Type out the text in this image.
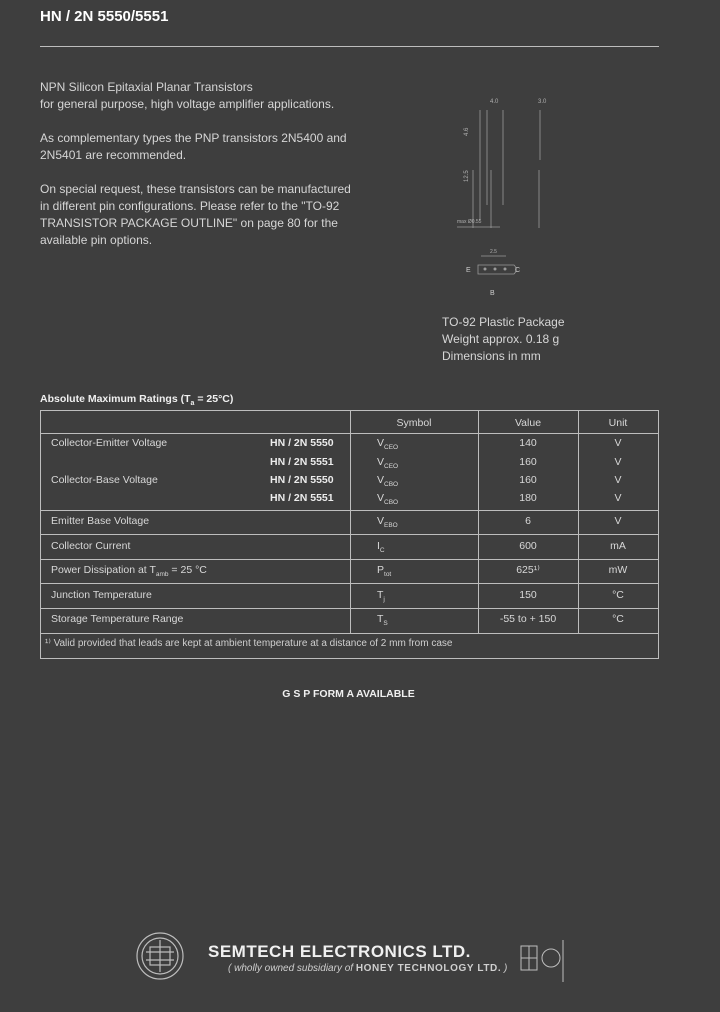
HN / 2N 5550/5551

NPN Silicon Epitaxial Planar Transistors

for general purpose, high voltage amplifier applications.

As complementary types the PNP transistors 2N5400 and

2N5401 are recommended.

On special request, these transistors can be manufactured

in different pin configurations. Please refer to the "TO-92

TRANSISTOR PACKAGE OUTLINE" on page 80 for the

available pin options.

4.0	3.0
4.6
12.5
max Ø0.55
2.5
E	C
B
TO-92 Plastic Package
Weight approx. 0.18 g
Dimensions in mm
Absolute Maximum Ratings $(T_a = 25^\circ C)$
Symbol	Value	Unit
Collector-Emitter Voltage	HN / 2N 5550	$V_{CEO}$	140	V
HN / 2N 5551	$V_{CEO}$	160	V
Collector-Base Voltage	HN / 2N 5550	$V_{CBO}$	160	V
HN / 2N 5551	$V_{CBO}$	180	V
Emitter Base Voltage	$V_{EBO}$	6	V
Collector Current	$I_C$	600	mA
Power Dissipation at $T_{amb} = 25$ °C	$P_{tot}$	625¹⁾	mW
Junction Temperature	$T_j$	150	°C
Storage Temperature Range	$T_S$	-55 to + 150	°C
¹⁾ Valid provided that leads are kept at ambient temperature at a distance of 2 mm from case
G S P FORM A AVAILABLE
SEMTECH ELECTRONICS LTD.
( wholly owned subsidiary of HONEY TECHNOLOGY LTD. )
